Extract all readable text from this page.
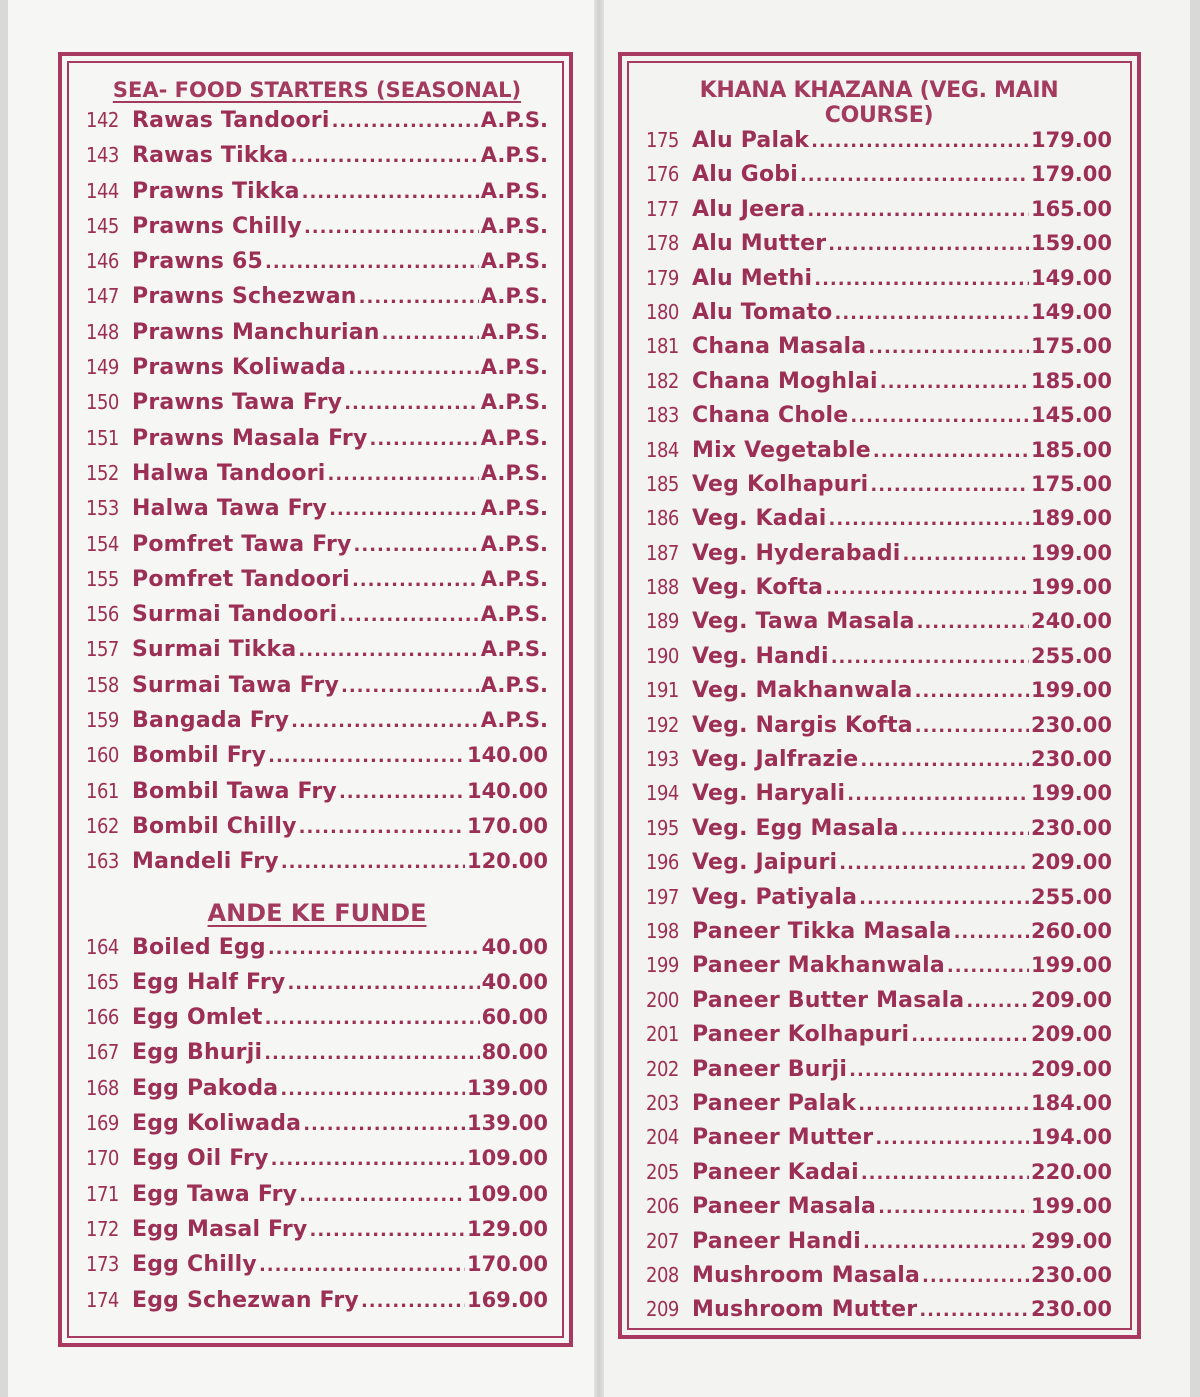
SEA- FOOD STARTERS (SEASONAL)
142 Rawas Tandoori .....	A.P.S.
143 Rawas Tikka .....	A.P.S.
144 Prawns Tikka .....	A.P.S.
145 Prawns Chilly .....	A.P.S.
146 Prawns 65 .....	A.P.S.
147 Prawns Schezwan .....	A.P.S.
148 Prawns Manchurian .....	A.P.S.
149 Prawns Koliwada .....	A.P.S.
150 Prawns Tawa Fry .....	A.P.S.
151 Prawns Masala Fry .....	A.P.S.
152 Halwa Tandoori .....	A.P.S.
153 Halwa Tawa Fry .....	A.P.S.
154 Pomfret Tawa Fry .....	A.P.S.
155 Pomfret Tandoori .....	A.P.S.
156 Surmai Tandoori .....	A.P.S.
157 Surmai Tikka .....	A.P.S.
158 Surmai Tawa Fry .....	A.P.S.
159 Bangada Fry .....	A.P.S.
160 Bombil Fry .....	140.00
161 Bombil Tawa Fry .....	140.00
162 Bombil Chilly .....	170.00
163 Mandeli Fry .....	120.00
ANDE KE FUNDE
164 Boiled Egg .....	40.00
165 Egg Half Fry .....	40.00
166 Egg Omlet .....	60.00
167 Egg Bhurji .....	80.00
168 Egg Pakoda .....	139.00
169 Egg Koliwada .....	139.00
170 Egg Oil Fry .....	109.00
171 Egg Tawa Fry .....	109.00
172 Egg Masal Fry .....	129.00
173 Egg Chilly .....	170.00
174 Egg Schezwan Fry .....	169.00
KHANA KHAZANA (VEG. MAIN COURSE)
175 Alu Palak .....	179.00
176 Alu Gobi .....	179.00
177 Alu Jeera .....	165.00
178 Alu Mutter .....	159.00
179 Alu Methi .....	149.00
180 Alu Tomato .....	149.00
181 Chana Masala .....	175.00
182 Chana Moghlai .....	185.00
183 Chana Chole .....	145.00
184 Mix Vegetable .....	185.00
185 Veg Kolhapuri .....	175.00
186 Veg. Kadai .....	189.00
187 Veg. Hyderabadi .....	199.00
188 Veg. Kofta .....	199.00
189 Veg. Tawa Masala .....	240.00
190 Veg. Handi .....	255.00
191 Veg. Makhanwala .....	199.00
192 Veg. Nargis Kofta .....	230.00
193 Veg. Jalfrazie .....	230.00
194 Veg. Haryali .....	199.00
195 Veg. Egg Masala .....	230.00
196 Veg. Jaipuri .....	209.00
197 Veg. Patiyala .....	255.00
198 Paneer Tikka Masala .....	260.00
199 Paneer Makhanwala .....	199.00
200 Paneer Butter Masala .....	209.00
201 Paneer Kolhapuri .....	209.00
202 Paneer Burji .....	209.00
203 Paneer Palak .....	184.00
204 Paneer Mutter .....	194.00
205 Paneer Kadai .....	220.00
206 Paneer Masala .....	199.00
207 Paneer Handi .....	299.00
208 Mushroom Masala .....	230.00
209 Mushroom Mutter .....	230.00
